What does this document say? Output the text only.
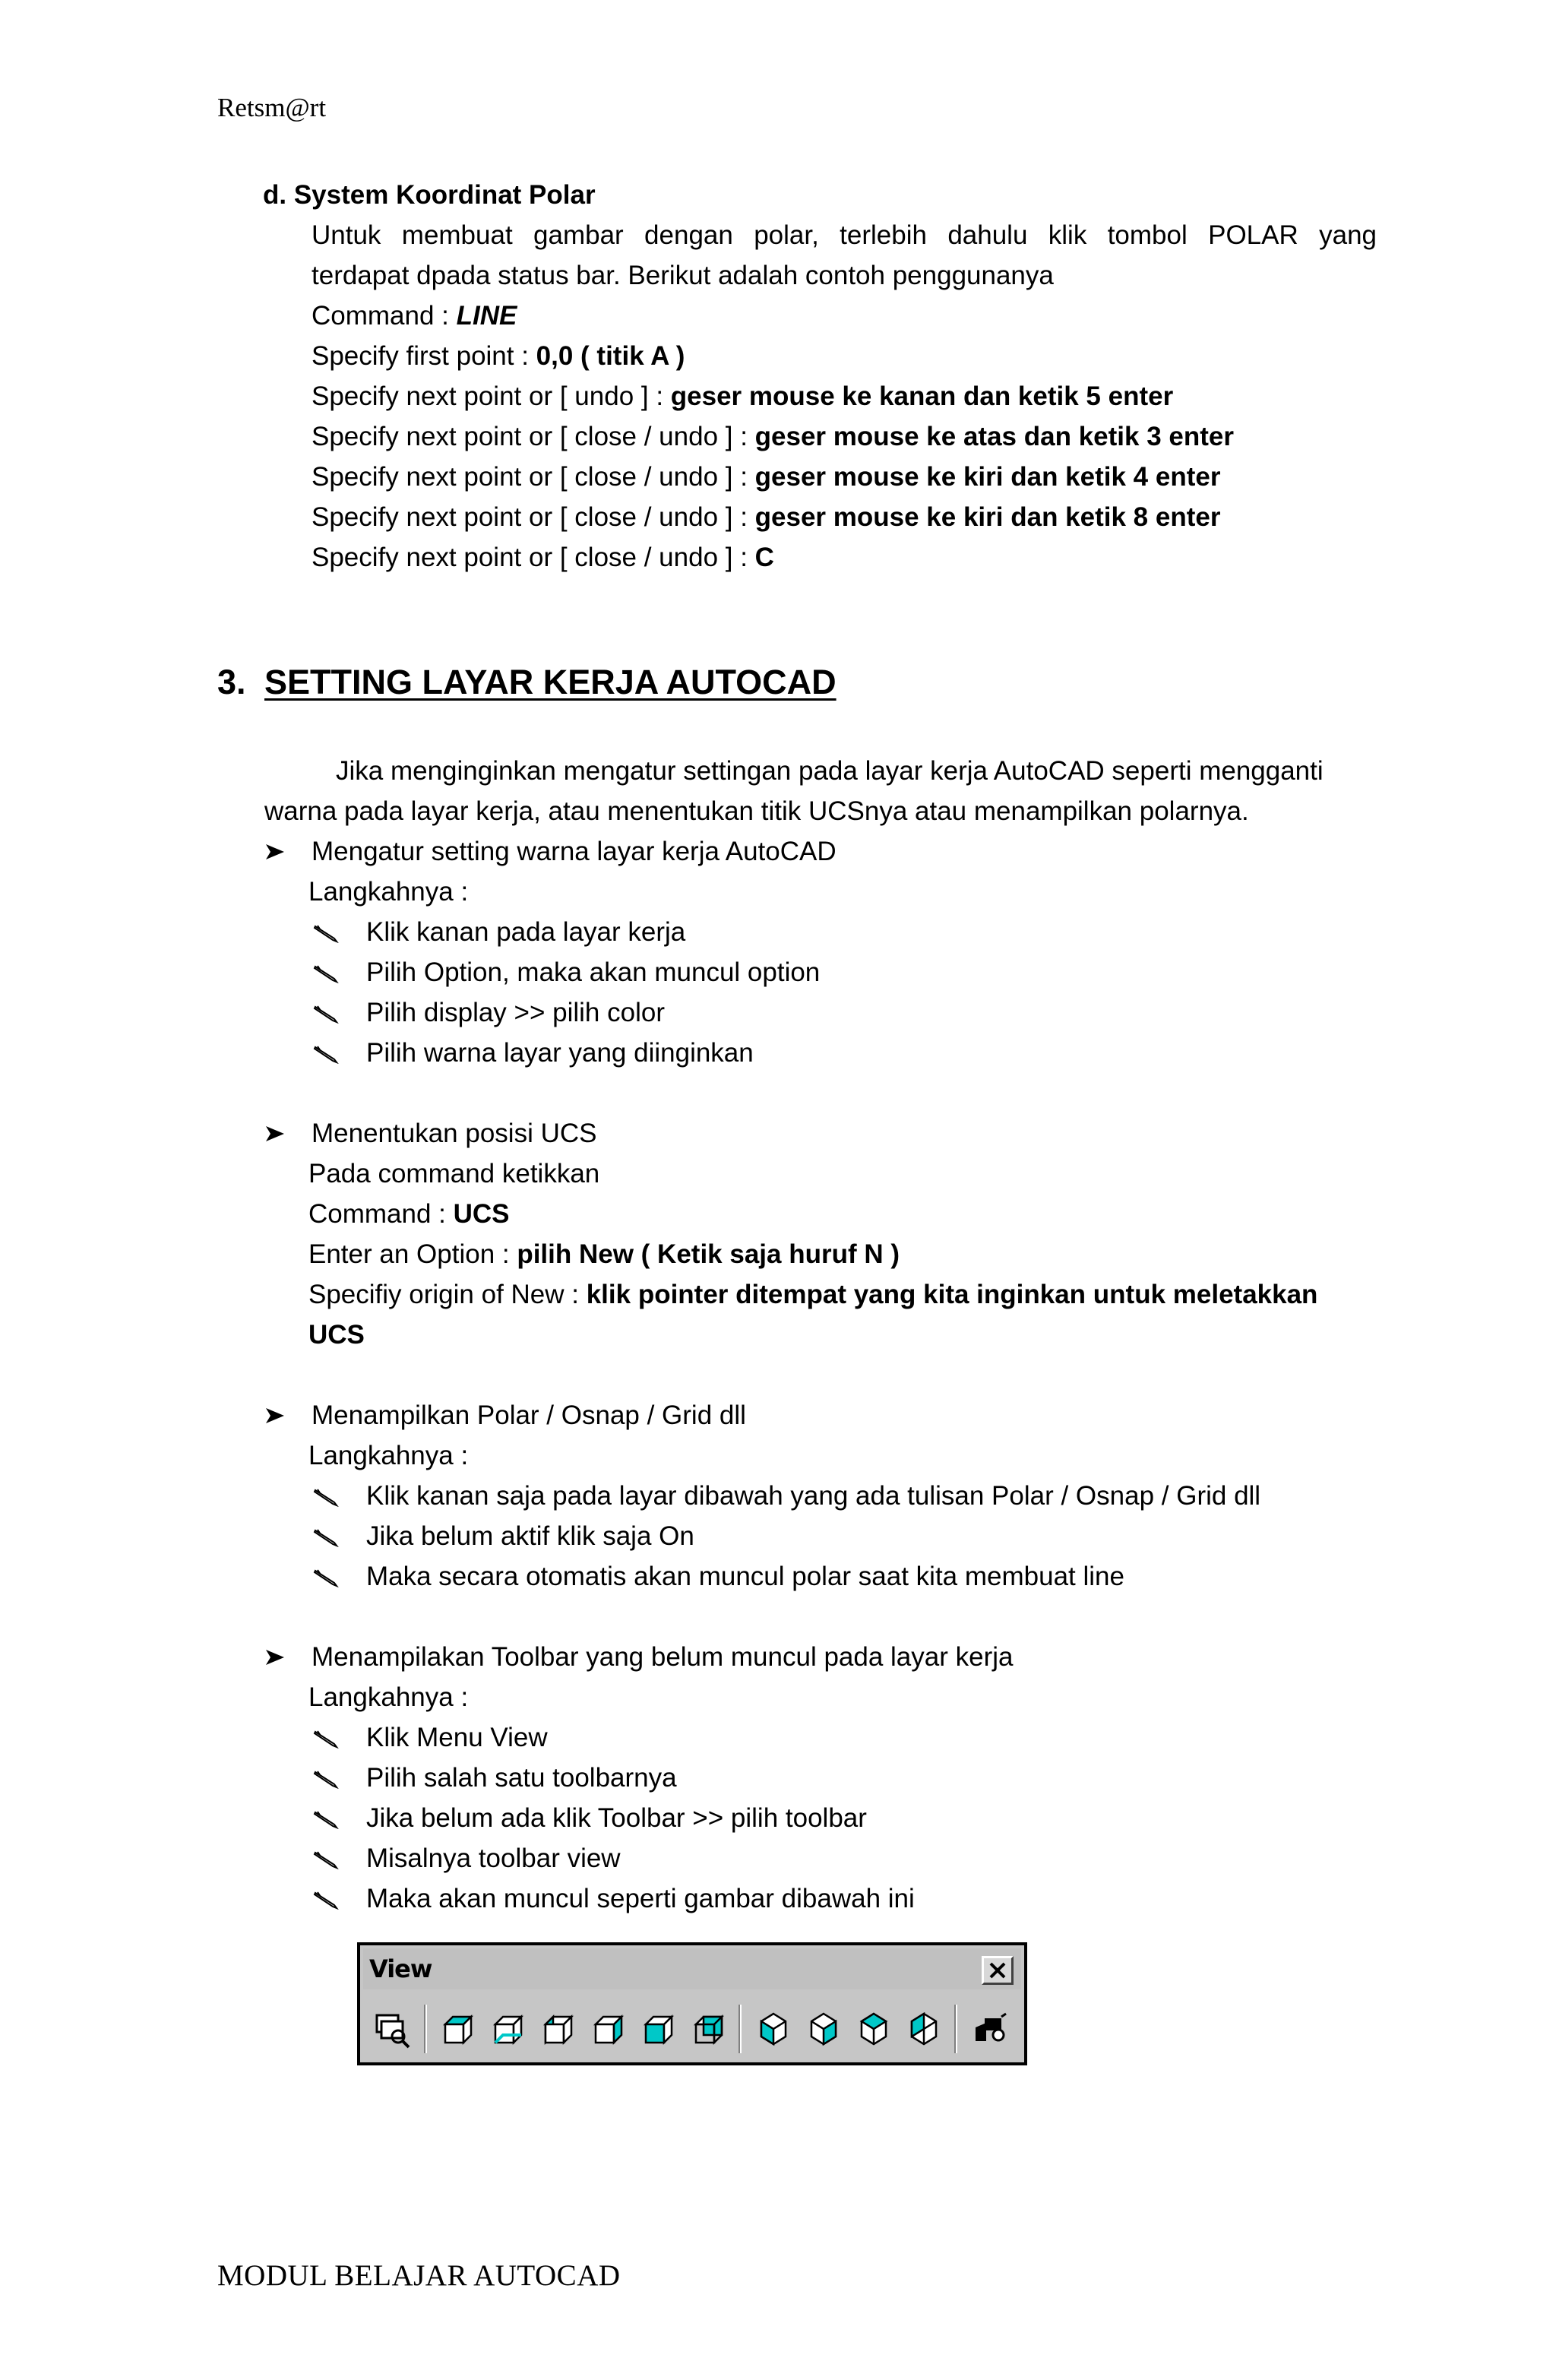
Retsm@rt
d. System Koordinat Polar
Untuk membuat gambar dengan polar, terlebih dahulu klik tombol POLAR yang
terdapat dpada status bar. Berikut adalah contoh penggunanya
Command : LINE
Specify first point : 0,0 ( titik A )
Specify next point or [ undo ] : geser mouse ke kanan dan ketik 5 enter
Specify next point or [ close / undo ] : geser mouse ke atas dan ketik 3 enter
Specify next point or [ close / undo ] : geser mouse ke kiri dan ketik 4 enter
Specify next point or [ close / undo ] : geser mouse ke kiri dan ketik 8 enter
Specify next point or [ close / undo ] : C
3. SETTING LAYAR KERJA AUTOCAD
Jika menginginkan mengatur settingan pada layar kerja AutoCAD seperti mengganti
warna pada layar kerja, atau menentukan titik UCSnya atau menampilkan polarnya.
Mengatur setting warna layar kerja AutoCAD
Langkahnya :
Klik kanan pada layar kerja
Pilih Option, maka akan muncul option
Pilih display >> pilih color
Pilih warna layar yang diinginkan
Menentukan posisi UCS
Pada command ketikkan
Command : UCS
Enter an Option : pilih New ( Ketik saja huruf N )
Specifiy origin of New : klik pointer ditempat yang kita inginkan untuk meletakkan
UCS
Menampilkan Polar / Osnap / Grid dll
Langkahnya :
Klik kanan saja pada layar dibawah yang ada tulisan Polar / Osnap / Grid dll
Jika belum aktif klik saja On
Maka secara otomatis akan muncul polar saat kita membuat line
Menampilakan Toolbar yang belum muncul pada layar kerja
Langkahnya :
Klik Menu View
Pilih salah satu toolbarnya
Jika belum ada klik Toolbar >> pilih toolbar
Misalnya toolbar view
Maka akan muncul seperti gambar dibawah ini
View
MODUL BELAJAR AUTOCAD
